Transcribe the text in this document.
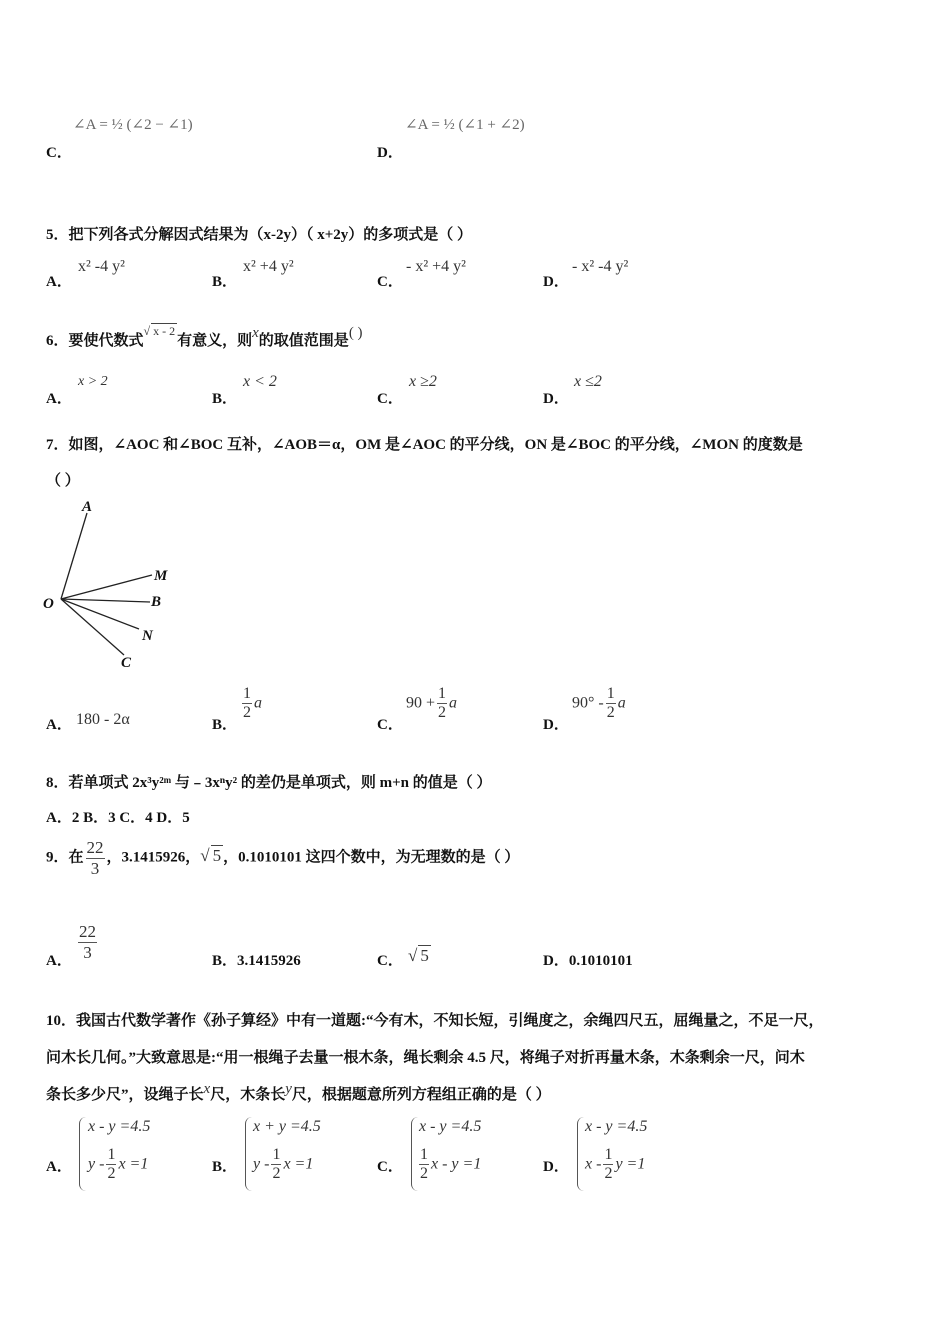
∠A = ½ (∠2 − ∠1)
C．
∠A = ½ (∠1 + ∠2)
D．
5．把下列各式分解因式结果为（x-2y）（ x+2y）的多项式是（ ）
A．
x² -4 y²
B．
x² +4 y²
C．
- x² +4 y²
D．
- x² -4 y²
6．要使代数式$^{√ x - 2}$有意义，则x的取值范围是( )
A．
x > 2
B．
x < 2
C．
x ≥2
D．
x ≤2
7．如图，∠AOC 和∠BOC 互补，∠AOB＝α，OM 是∠AOC 的平分线，ON 是∠BOC 的平分线，∠MON 的度数是
（ ）
A
O
M
B
N
C
A． 180 - 2α	B．
$\frac{1}{2}$ a
C．
$90 + \frac{1}{2}$ a
D．
$90^\circ - \frac{1}{2}$ a
8．若单项式 2x³y²ᵐ 与﹣3xⁿy² 的差仍是单项式，则 m+n 的值是（ ）
A．2 B．3 C．4 D．5
9．在 $\frac{22}{3}$ ，3.1415926，√ 5 ，0.1010101 这四个数中，为无理数的是（ ）
A． $\frac{22}{3}$	B．3.1415926	C． √ 5	D．0.1010101
10．我国古代数学著作《孙子算经》中有一道题:“今有木，不知长短，引绳度之，余绳四尺五，屈绳量之，不足一尺，
问木长几何。”大致意思是:“用一根绳子去量一根木条，绳长剩余 4.5 尺，将绳子对折再量木条，木条剩余一尺，问木
条长多少尺”，设绳子长x尺，木条长y尺，根据题意所列方程组正确的是（ ）
A．
x - y =4.5
y - $\frac{1}{2}$ x =1	B．
x + y =4.5
y - $\frac{1}{2}$ x =1	C．
x - y =4.5
$\frac{1}{2}$ x - y =1	D．
x - y =4.5
x - $\frac{1}{2}$ y =1
